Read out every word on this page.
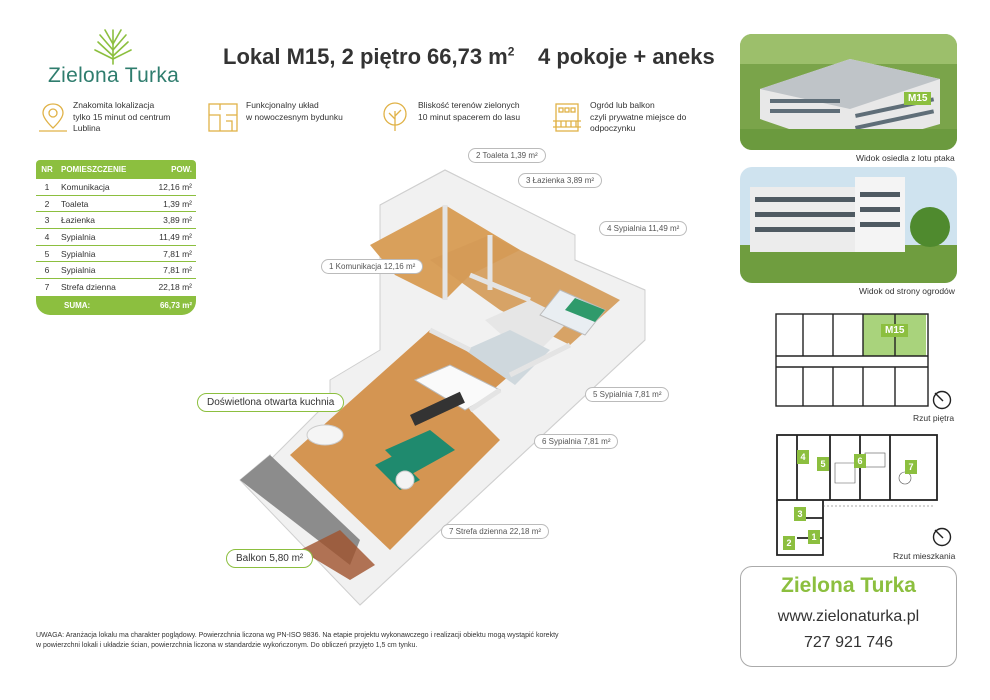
Zielona Turka
Lokal M15, 2 piętro 66,73 $m^2$ 4 pokoje + aneks
Znakomita lokalizacja
tylko 15 minut od centrum
Lublina
Funkcjonalny układ
w nowoczesnym bydunku
Bliskość terenów zielonych
10 minut spacerem do lasu
Ogród lub balkon
czyli prywatne miejsce do
odpoczynku
NR	POMIESZCZENIE	POW.
1	Komunikacja	12,16 m²
2	Toaleta	1,39 m²
3	Łazienka	3,89 m²
4	Sypialnia	11,49 m²
5	Sypialnia	7,81 m²
6	Sypialnia	7,81 m²
7	Strefa dzienna	22,18 m²
SUMA:	66,73 m²
2 Toaleta 1,39 m²
3 Łazienka 3,89 m²
4 Sypialnia 11,49 m²
1 Komunikacja 12,16 m²
5 Sypialnia 7,81 m²
6 Sypialnia 7,81 m²
7 Strefa dzienna 22,18 m²
Doświetlona otwarta kuchnia
Balkon 5,80 m²
M15
Widok osiedla z lotu ptaka
Widok od strony ogrodów
M15
Rzut piętra
4
5	6
7
3
2
1
Rzut mieszkania
Zielona Turka
www.zielonaturka.pl
727 921 746
UWAGA: Aranżacja lokalu ma charakter poglądowy. Powierzchnia liczona wg PN-ISO 9836. Na etapie projektu wykonawczego i realizacji obiektu mogą wystąpić korekty
w powierzchni lokali i układzie ścian, powierzchnia liczona w standardzie wykończonym. Do obliczeń przyjęto 1,5 cm tynku.
